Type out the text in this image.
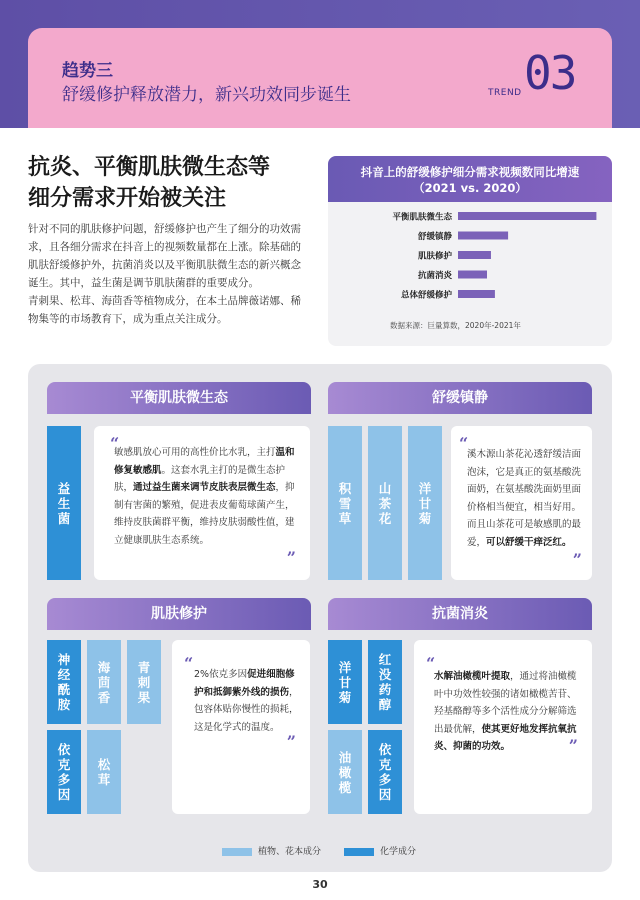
趋势三
舒缓修护释放潜力，新兴功效同步诞生	TREND 03
抗炎、平衡肌肤微生态等
细分需求开始被关注

针对不同的肌肤修护问题，舒缓修护也产生了细分的功效需求，且各细分需求在抖音上的视频数量都在上涨。除基础的肌肤舒缓修护外，抗菌消炎以及平衡肌肤微生态的新兴概念诞生。其中，益生菌是调节肌肤菌群的重要成分。

青刺果、松茸、海茴香等植物成分，在本土品牌薇诺娜、稀物集等的市场教育下，成为重点关注成分。

抖音上的舒缓修护细分需求视频数同比增速
（2021 vs. 2020）
平衡肌肤微生态
舒缓镇静
肌肤修护
抗菌消炎
总体舒缓修护
数据来源：巨量算数，2020年-2021年
平衡肌肤微生态
益生菌
“
敏感肌放心可用的高性价比水乳，主打温和修复敏感肌。这套水乳主打的是微生态护肤，通过益生菌来调节皮肤表层微生态，抑制有害菌的繁殖，促进表皮葡萄球菌产生，维持皮肤菌群平衡，维持皮肤弱酸性值，建立健康肌肤生态系统。
”
舒缓镇静
积雪草
山茶花
洋甘菊
“
溪木源山茶花沁透舒缓洁面泡沫，它是真正的氨基酸洗面奶，在氨基酸洗面奶里面价格相当便宜，相当好用。而且山茶花可是敏感肌的最爱，可以舒缓干痒泛红。
”
肌肤修护
神经酰胺
海茴香
青刺果
依克多因
松茸
“
2%依克多因促进细胞修护和抵御紫外线的损伤，包容体贴你慢性的损耗，这是化学式的温度。
”
抗菌消炎
洋甘菊
红没药醇
油橄榄
依克多因
“
水解油橄榄叶提取，通过将油橄榄叶中功效性较强的诸如橄榄苦苷、羟基酪醇等多个活性成分分解筛选出最优解，使其更好地发挥抗氧抗炎、抑菌的功效。	”
植物、花本成分	化学成分
30
